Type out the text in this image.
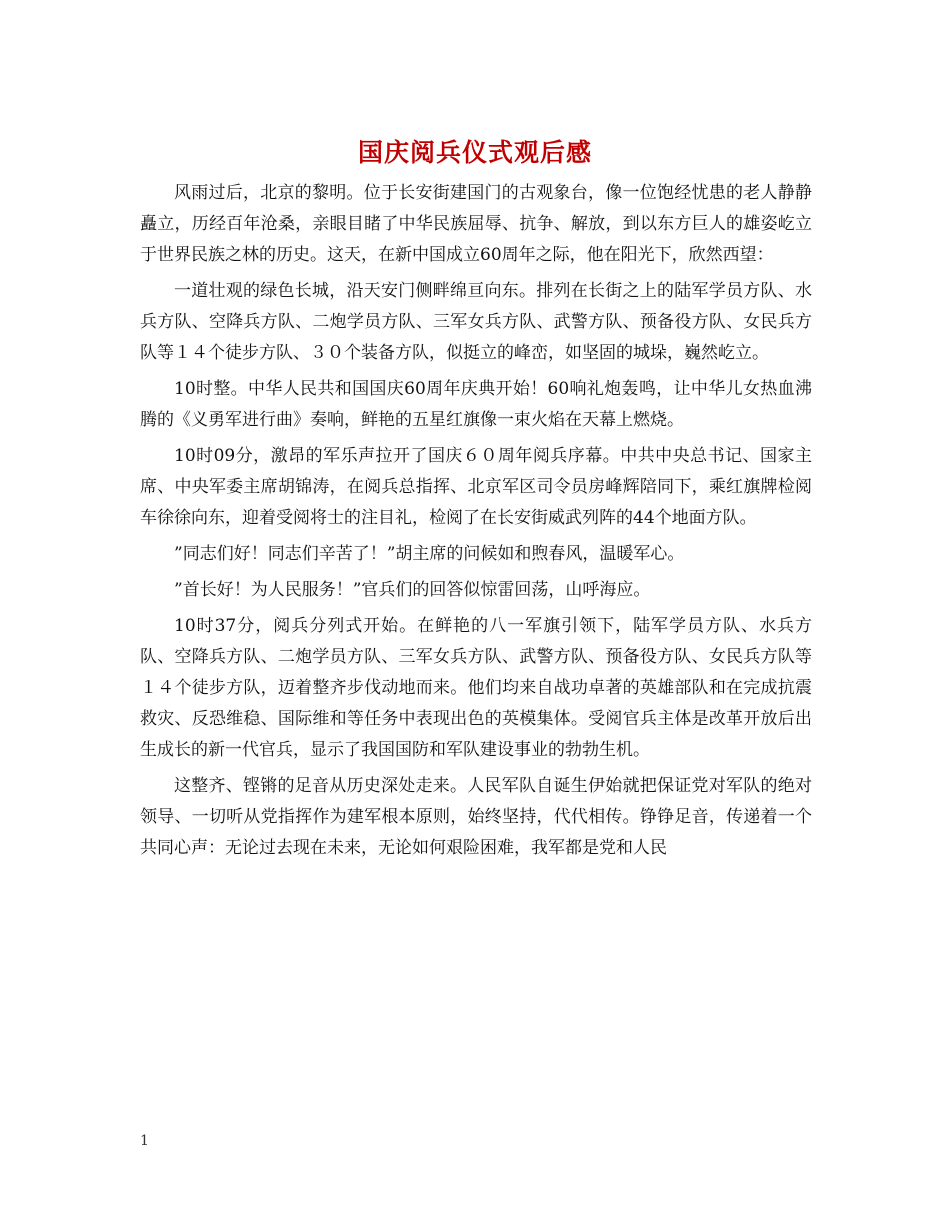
国庆阅兵仪式观后感

风雨过后，北京的黎明。位于长安街建国门的古观象台，像一位饱经忧患的老人静静矗立，历经百年沧桑，亲眼目睹了中华民族屈辱、抗争、解放，到以东方巨人的雄姿屹立于世界民族之林的历史。这天，在新中国成立60周年之际，他在阳光下，欣然西望：

一道壮观的绿色长城，沿天安门侧畔绵亘向东。排列在长街之上的陆军学员方队、水兵方队、空降兵方队、二炮学员方队、三军女兵方队、武警方队、预备役方队、女民兵方队等１４个徒步方队、３０个装备方队，似挺立的峰峦，如坚固的城垛，巍然屹立。

10时整。中华人民共和国国庆60周年庆典开始！60响礼炮轰鸣，让中华儿女热血沸腾的《义勇军进行曲》奏响，鲜艳的五星红旗像一束火焰在天幕上燃烧。

10时09分，激昂的军乐声拉开了国庆６０周年阅兵序幕。中共中央总书记、国家主席、中央军委主席胡锦涛，在阅兵总指挥、北京军区司令员房峰辉陪同下，乘红旗牌检阅车徐徐向东，迎着受阅将士的注目礼，检阅了在长安街威武列阵的44个地面方队。

”同志们好！同志们辛苦了！”胡主席的问候如和煦春风，温暖军心。

”首长好！为人民服务！”官兵们的回答似惊雷回荡，山呼海应。

10时37分，阅兵分列式开始。在鲜艳的八一军旗引领下，陆军学员方队、水兵方队、空降兵方队、二炮学员方队、三军女兵方队、武警方队、预备役方队、女民兵方队等１４个徒步方队，迈着整齐步伐动地而来。他们均来自战功卓著的英雄部队和在完成抗震救灾、反恐维稳、国际维和等任务中表现出色的英模集体。受阅官兵主体是改革开放后出生成长的新一代官兵，显示了我国国防和军队建设事业的勃勃生机。

这整齐、铿锵的足音从历史深处走来。人民军队自诞生伊始就把保证党对军队的绝对领导、一切听从党指挥作为建军根本原则，始终坚持，代代相传。铮铮足音，传递着一个共同心声：无论过去现在未来，无论如何艰险困难，我军都是党和人民

1
